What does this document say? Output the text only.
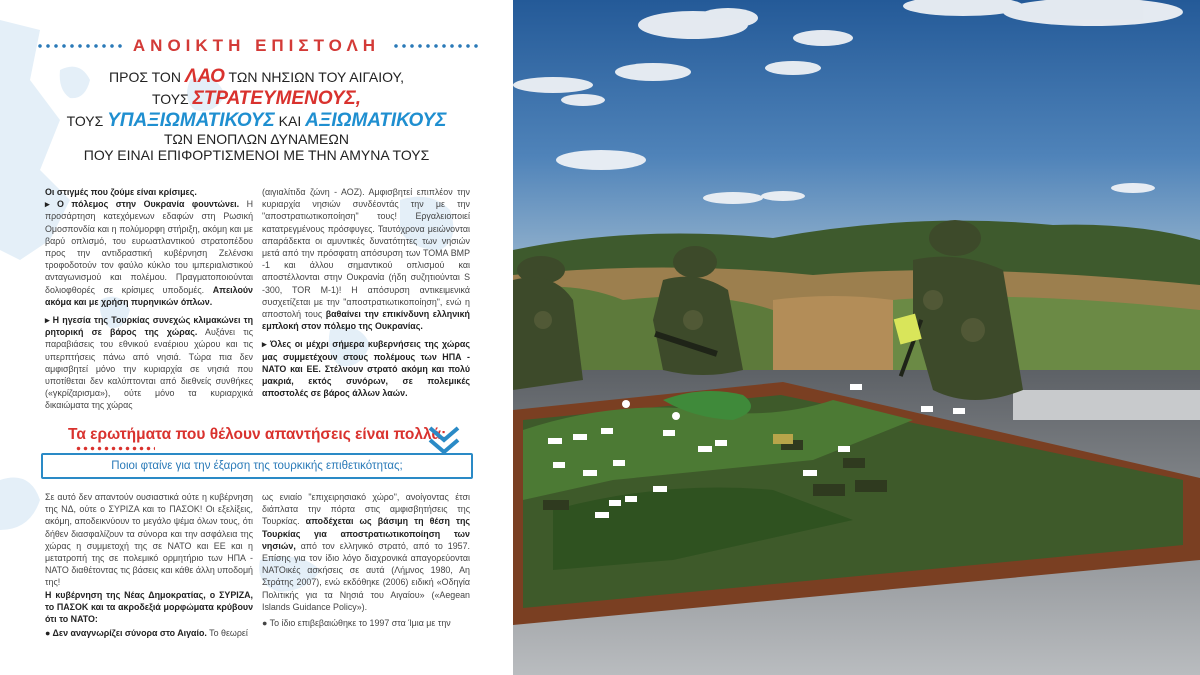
ΑΝΟΙΚΤΗ ΕΠΙΣΤΟΛΗ
ΠΡΟΣ ΤΟΝ ΛΑΟ ΤΩΝ ΝΗΣΙΩΝ ΤΟΥ ΑΙΓΑΙΟΥ,
ΤΟΥΣ ΣΤΡΑΤΕΥΜΕΝΟΥΣ,
ΤΟΥΣ ΥΠΑΞΙΩΜΑΤΙΚΟΥΣ ΚΑΙ ΑΞΙΩΜΑΤΙΚΟΥΣ
ΤΩΝ ΕΝΟΠΛΩΝ ΔΥΝΑΜΕΩΝ
ΠΟΥ ΕΙΝΑΙ ΕΠΙΦΟΡΤΙΣΜΕΝΟΙ ΜΕ ΤΗΝ ΑΜΥΝΑ ΤΟΥΣ
Οι στιγμές που ζούμε είναι κρίσιμες.
▸ Ο πόλεμος στην Ουκρανία φουντώνει. Η προσάρτηση κατεχόμενων εδαφών στη Ρωσική Ομοσπονδία και η πολύμορφη στήριξη, ακόμη και με βαρύ οπλισμό, του ευρωατλαντικού στρατοπέδου προς την αντιδραστική κυβέρνηση Ζελένσκι τροφοδοτούν τον φαύλο κύκλο του ιμπεριαλιστικού ανταγωνισμού και πολέμου. Πραγματοποιούνται δολιοφθορές σε κρίσιμες υποδομές. Απειλούν ακόμα και με χρήση πυρηνικών όπλων.
▸ Η ηγεσία της Τουρκίας συνεχώς κλιμακώνει τη ρητορική σε βάρος της χώρας. Αυξάνει τις παραβιάσεις του εθνικού εναέριου χώρου και τις υπερπτήσεις πάνω από νησιά. Τώρα πια δεν αμφισβητεί μόνο την κυριαρχία σε νησιά που υποτίθεται δεν καλύπτονται από διεθνείς συνθήκες («γκρίζαρισμα»), ούτε μόνο τα κυριαρχικά δικαιώματα της χώρας
(αιγιαλίτιδα ζώνη - ΑΟΖ). Αμφισβητεί επιπλέον την κυριαρχία νησιών συνδέοντάς την με την "αποστρατιωτικοποίηση" τους! Εργαλειοποιεί κατατρεγμένους πρόσφυγες. Ταυτόχρονα μειώνονται απαράδεκτα οι αμυντικές δυνατότητες των νησιών μετά από την πρόσφατη απόσυρση των ΤΟΜΑ ΒΜΡ -1 και άλλου σημαντικού οπλισμού και αποστέλλονται στην Ουκρανία (ήδη συζητιούνται S -300, TOR M-1)! Η απόσυρση αντικειμενικά συσχετίζεται με την "αποστρατιωτικοποίηση", ενώ η αποστολή τους βαθαίνει την επικίνδυνη ελληνική εμπλοκή στον πόλεμο της Ουκρανίας.
▸ Όλες οι μέχρι σήμερα κυβερνήσεις της χώρας μας συμμετέχουν στους πολέμους των ΗΠΑ - ΝΑΤΟ και ΕΕ. Στέλνουν στρατό ακόμη και πολύ μακριά, εκτός συνόρων, σε πολεμικές αποστολές σε βάρος άλλων λαών.
Τα ερωτήματα που θέλουν απαντήσεις είναι πολλά:
Ποιοι φταίνε για την έξαρση της τουρκικής επιθετικότητας;
Σε αυτό δεν απαντούν ουσιαστικά ούτε η κυβέρνηση της ΝΔ, ούτε ο ΣΥΡΙΖΑ και το ΠΑΣΟΚ! Οι εξελίξεις, ακόμη, αποδεικνύουν το μεγάλο ψέμα όλων τους, ότι δήθεν διασφαλίζουν τα σύνορα και την ασφάλεια της χώρας η συμμετοχή της σε ΝΑΤΟ και ΕΕ και η μετατροπή της σε πολεμικό ορμητήριο των ΗΠΑ - ΝΑΤΟ διαθέτοντας τις βάσεις και κάθε άλλη υποδομή της!
Η κυβέρνηση της Νέας Δημοκρατίας, ο ΣΥΡΙΖΑ, το ΠΑΣΟΚ και τα ακροδεξιά μορφώματα κρύβουν ότι το ΝΑΤΟ:
● Δεν αναγνωρίζει σύνορα στο Αιγαίο. Το θεωρεί
ως ενιαίο "επιχειρησιακό χώρο", ανοίγοντας έτσι διάπλατα την πόρτα στις αμφισβητήσεις της Τουρκίας. αποδέχεται ως βάσιμη τη θέση της Τουρκίας για αποστρατιωτικοποίηση των νησιών, από τον ελληνικό στρατό, από το 1957. Επίσης για τον ίδιο λόγο διαχρονικά απαγορεύονται ΝΑΤΟικές ασκήσεις σε αυτά (Λήμνος 1980, Αη Στράτης 2007), ενώ εκδόθηκε (2006) ειδική «Οδηγία Πολιτικής για τα Νησιά του Αιγαίου» («Aegean Islands Guidance Policy»).
● Το ίδιο επιβεβαιώθηκε το 1997 στα Ίμια με την
